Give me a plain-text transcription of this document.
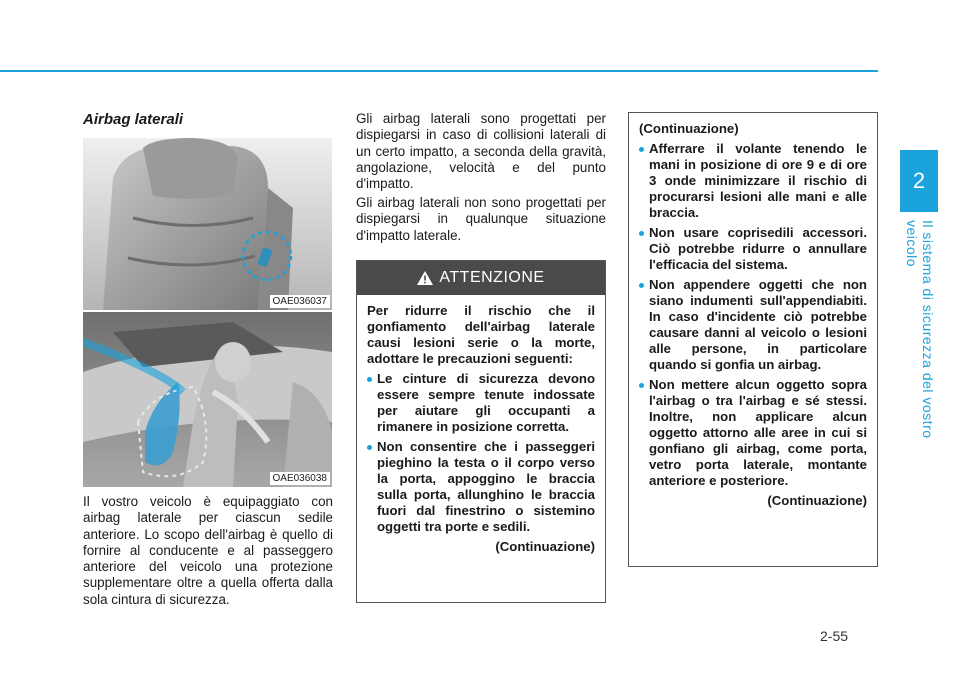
2
Il sistema di sicurezza del vostro veicolo
Airbag laterali
OAE036037
OAE036038
Il vostro veicolo è equipaggiato con airbag laterale per ciascun sedile anteriore. Lo scopo dell'airbag è quello di fornire al conducente e al passeggero anteriore del veicolo una protezione supplementare oltre a quella offerta dalla sola cintura di sicurezza.
Gli airbag laterali sono progettati per dispiegarsi in caso di collisioni laterali di un certo impatto, a seconda della gravità, angolazione, velocità e del punto d'impatto.
Gli airbag laterali non sono progettati per dispiegarsi in qualunque situazione d'impatto laterale.
ATTENZIONE
Per ridurre il rischio che il gonfiamento dell'airbag laterale causi lesioni serie o la morte, adottare le precauzioni seguenti:
Le cinture di sicurezza devono essere sempre tenute indossate per aiutare gli occupanti a rimanere in posizione corretta.
Non consentire che i passeggeri pieghino la testa o il corpo verso la porta, appoggino le braccia sulla porta, allunghino le braccia fuori dal finestrino o sistemino oggetti tra porte e sedili.
(Continuazione)
(Continuazione)
Afferrare il volante tenendo le mani in posizione di ore 9 e di ore 3 onde minimizzare il rischio di procurarsi lesioni alle mani e alle braccia.
Non usare coprisedili accessori. Ciò potrebbe ridurre o annullare l'efficacia del sistema.
Non appendere oggetti che non siano indumenti sull'appendiabiti. In caso d'incidente ciò potrebbe causare danni al veicolo o lesioni alle persone, in particolare quando si gonfia un airbag.
Non mettere alcun oggetto sopra l'airbag o tra l'airbag e sé stessi. Inoltre, non applicare alcun oggetto attorno alle aree in cui si gonfiano gli airbag, come porta, vetro porta laterale, montante anteriore e posteriore.
(Continuazione)
2-55
